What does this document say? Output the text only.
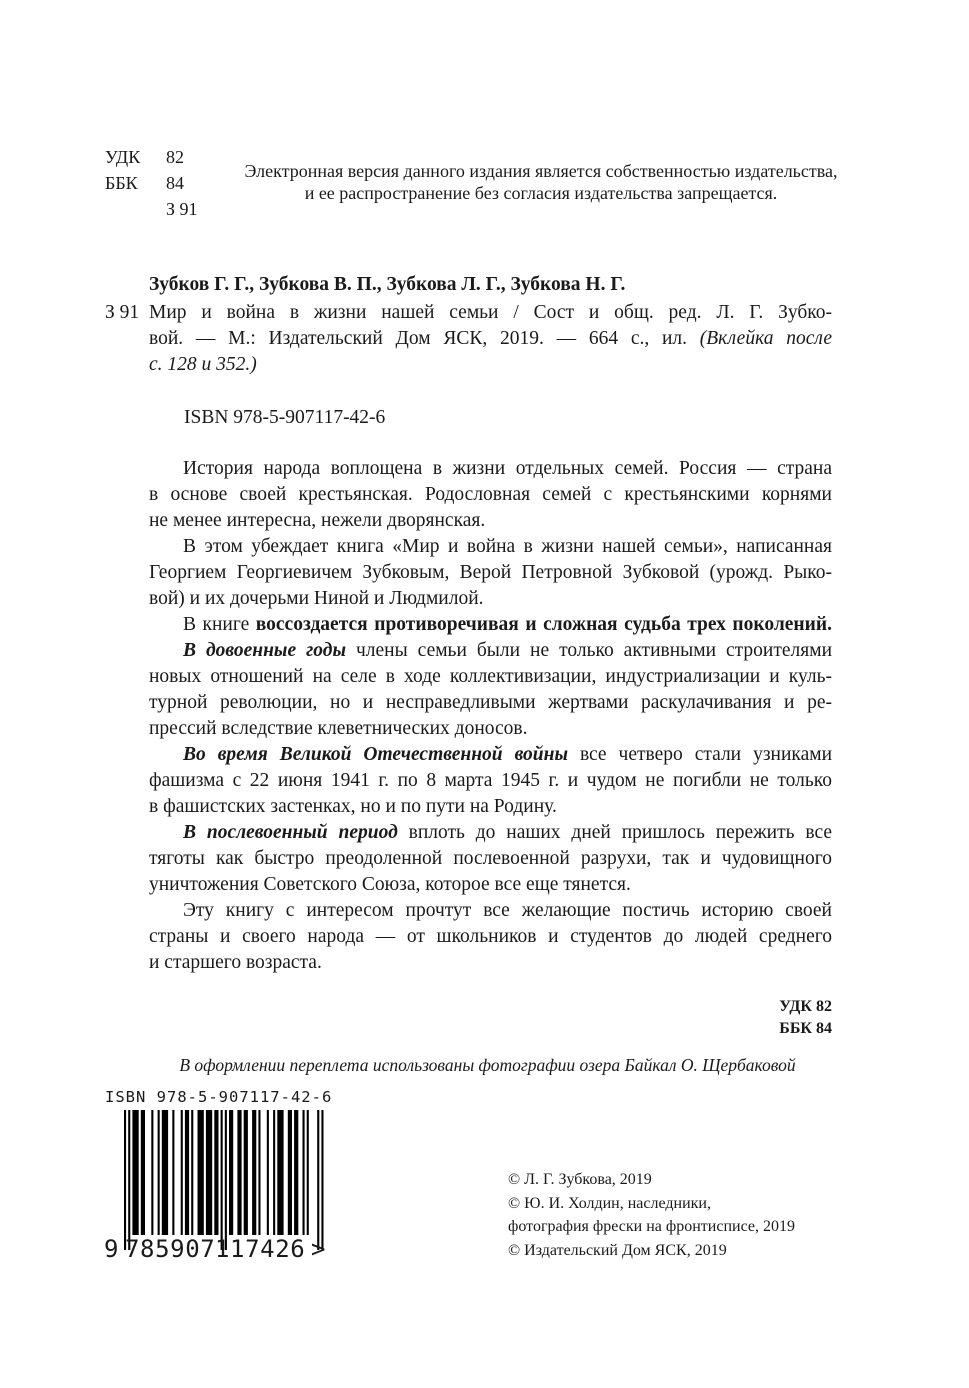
УДК 82
ББК 84
З 91
Электронная версия данного издания является собственностью издательства,
и ее распространение без согласия издательства запрещается.
Зубков Г. Г., Зубкова В. П., Зубкова Л. Г., Зубкова Н. Г.
З 91 Мир и война в жизни нашей семьи / Сост и общ. ред. Л. Г. Зубко-
вой. — М.: Издательский Дом ЯСК, 2019. — 664 с., ил. (Вклейка после
с. 128 и 352.)
ISBN 978-5-907117-42-6
История народа воплощена в жизни отдельных семей. Россия — страна
в основе своей крестьянская. Родословная семей с крестьянскими корнями
не менее интересна, нежели дворянская.
В этом убеждает книга «Мир и война в жизни нашей семьи», написанная
Георгием Георгиевичем Зубковым, Верой Петровной Зубковой (урожд. Рыко-
вой) и их дочерьми Ниной и Людмилой.
В книге воссоздается противоречивая и сложная судьба трех поколений.
В довоенные годы члены семьи были не только активными строителями
новых отношений на селе в ходе коллективизации, индустриализации и куль-
турной революции, но и несправедливыми жертвами раскулачивания и ре-
прессий вследствие клеветнических доносов.
Во время Великой Отечественной войны все четверо стали узниками
фашизма с 22 июня 1941 г. по 8 марта 1945 г. и чудом не погибли не только
в фашистских застенках, но и по пути на Родину.
В послевоенный период вплоть до наших дней пришлось пережить все
тяготы как быстро преодоленной послевоенной разрухи, так и чудовищного
уничтожения Советского Союза, которое все еще тянется.
Эту книгу с интересом прочтут все желающие постичь историю своей
страны и своего народа — от школьников и студентов до людей среднего
и старшего возраста.
УДК 82
ББК 84
В оформлении переплета использованы фотографии озера Байкал О. Щербаковой
ISBN 978-5-907117-42-6
9 785907 117426 >
© Л. Г. Зубкова, 2019
© Ю. И. Холдин, наследники,
фотография фрески на фронтисписе, 2019
© Издательский Дом ЯСК, 2019
